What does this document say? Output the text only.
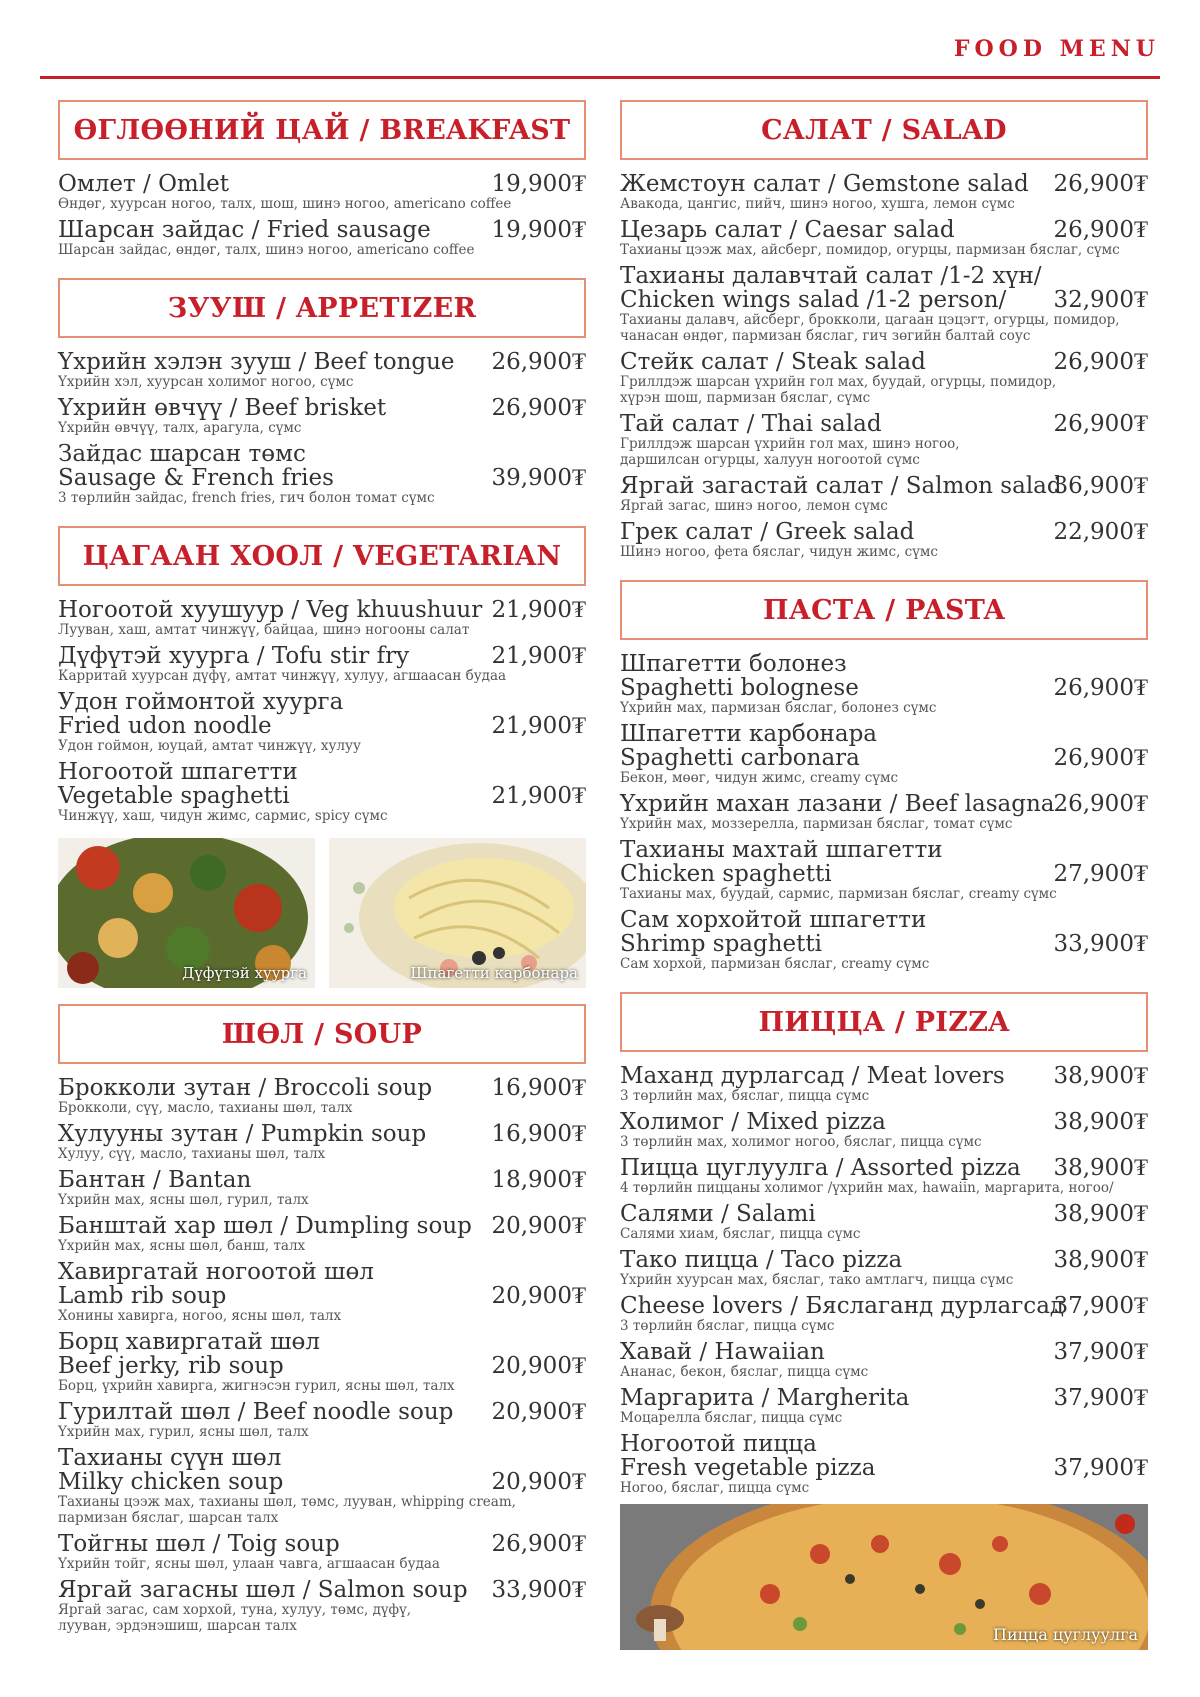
FOOD MENU
ӨГЛӨӨНИЙ ЦАЙ / BREAKFAST
Омлет / Omlet	19,900₮
Өндөг, хуурсан ногоо, талх, шош, шинэ ногоо, americano coffee
Шарсан зайдас / Fried sausage	19,900₮
Шарсан зайдас, өндөг, талх, шинэ ногоо, americano coffee
ЗУУШ / APPETIZER
Үхрийн хэлэн зууш / Beef tongue	26,900₮
Үхрийн хэл, хуурсан холимог ногоо, сүмс
Үхрийн өвчүү / Beef brisket	26,900₮
Үхрийн өвчүү, талх, арагула, сүмс
Зайдас шарсан төмс
Sausage & French fries	39,900₮
3 төрлийн зайдас, french fries, гич болон томат сүмс
ЦАГААН ХООЛ / VEGETARIAN
Ногоотой хуушуур / Veg khuushuur 21,900₮
Лууван, хаш, амтат чинжүү, байцаа, шинэ ногооны салат
Дүфүтэй хуурга / Tofu stir fry	21,900₮
Карритай хуурсан дүфү, амтат чинжүү, хулуу, агшаасан будаа
Удон гоймонтой хуурга
Fried udon noodle	21,900₮
Удон гоймон, юуцай, амтат чинжүү, хулуу
Ногоотой шпагетти
Vegetable spaghetti	21,900₮
Чинжүү, хаш, чидун жимс, сармис, spicy сүмс
Дүфүтэй хуурга	Шпагетти карбонара
ШӨЛ / SOUP
Брокколи зутан / Broccoli soup	16,900₮
Брокколи, сүү, масло, тахианы шөл, талх
Хулууны зутан / Pumpkin soup	16,900₮
Хулуу, сүү, масло, тахианы шөл, талх
Бантан / Bantan	18,900₮
Үхрийн мах, ясны шөл, гурил, талх
Банштай хар шөл / Dumpling soup 20,900₮
Үхрийн мах, ясны шөл, банш, талх
Хавиргатай ногоотой шөл
Lamb rib soup	20,900₮
Хонины хавирга, ногоо, ясны шөл, талх
Борц хавиргатай шөл
Beef jerky, rib soup	20,900₮
Борц, үхрийн хавирга, жигнэсэн гурил, ясны шөл, талх
Гурилтай шөл / Beef noodle soup	20,900₮
Үхрийн мах, гурил, ясны шөл, талх
Тахианы сүүн шөл
Milky chicken soup	20,900₮
Тахианы цээж мах, тахианы шөл, төмс, лууван, whipping cream,
пармизан бяслаг, шарсан талх
Тойгны шөл / Toig soup	26,900₮
Үхрийн тойг, ясны шөл, улаан чавга, агшаасан будаа
Яргай загасны шөл / Salmon soup	33,900₮
Яргай загас, сам хорхой, туна, хулуу, төмс, дүфү,
лууван, эрдэнэшиш, шарсан талх
САЛАТ / SALAD
Жемстоун салат / Gemstone salad	26,900₮
Авакода, цангис, пийч, шинэ ногоо, хушга, лемон сүмс
Цезарь салат / Caesar salad	26,900₮
Тахианы цээж мах, айсберг, помидор, огурцы, пармизан бяслаг, сүмс
Тахианы далавчтай салат /1-2 хүн/
Chicken wings salad /1-2 person/	32,900₮
Тахианы далавч, айсберг, брокколи, цагаан цэцэгт, огурцы, помидор,
чанасан өндөг, пармизан бяслаг, гич зөгийн балтай соус
Стейк салат / Steak salad	26,900₮
Гриллдэж шарсан үхрийн гол мах, буудай, огурцы, помидор,
хүрэн шош, пармизан бяслаг, сүмс
Тай салат / Thai salad	26,900₮
Гриллдэж шарсан үхрийн гол мах, шинэ ногоо,
даршилсан огурцы, халуун ногоотой сүмс
Яргай загастай салат / Salmon salad
36,900₮
Яргай загас, шинэ ногоо, лемон сүмс
Грек салат / Greek salad	22,900₮
Шинэ ногоо, фета бяслаг, чидун жимс, сүмс
ПАСТА / PASTA
Шпагетти болонез
Spaghetti bolognese	26,900₮
Үхрийн мах, пармизан бяслаг, болонез сүмс
Шпагетти карбонара
Spaghetti carbonara	26,900₮
Бекон, мөөг, чидун жимс, creamy сүмс
Үхрийн махан лазани / Beef lasagna
26,900₮
Үхрийн мах, моззерелла, пармизан бяслаг, томат сүмс
Тахианы махтай шпагетти
Chicken spaghetti	27,900₮
Тахианы мах, буудай, сармис, пармизан бяслаг, creamy сүмс
Сам хорхойтой шпагетти
Shrimp spaghetti	33,900₮
Сам хорхой, пармизан бяслаг, creamy сүмс
ПИЦЦА / PIZZA
Маханд дурлагсад / Meat lovers	38,900₮
3 төрлийн мах, бяслаг, пицца сүмс
Холимог / Mixed pizza	38,900₮
3 төрлийн мах, холимог ногоо, бяслаг, пицца сүмс
Пицца цуглуулга / Assorted pizza	38,900₮
4 төрлийн пиццаны холимог /үхрийн мах, hawaiin, маргарита, ногоо/
Салями / Salami	38,900₮
Салями хиам, бяслаг, пицца сүмс
Тако пицца / Taco pizza	38,900₮
Үхрийн хуурсан мах, бяслаг, тако амтлагч, пицца сүмс
Cheese lovers / Бяслаганд дурлагсад
37,900₮
3 төрлийн бяслаг, пицца сүмс
Хавай / Hawaiian	37,900₮
Ананас, бекон, бяслаг, пицца сүмс
Маргарита / Margherita	37,900₮
Моцарелла бяслаг, пицца сүмс
Ногоотой пицца
Fresh vegetable pizza	37,900₮
Ногоо, бяслаг, пицца сүмс
Пицца цуглуулга
